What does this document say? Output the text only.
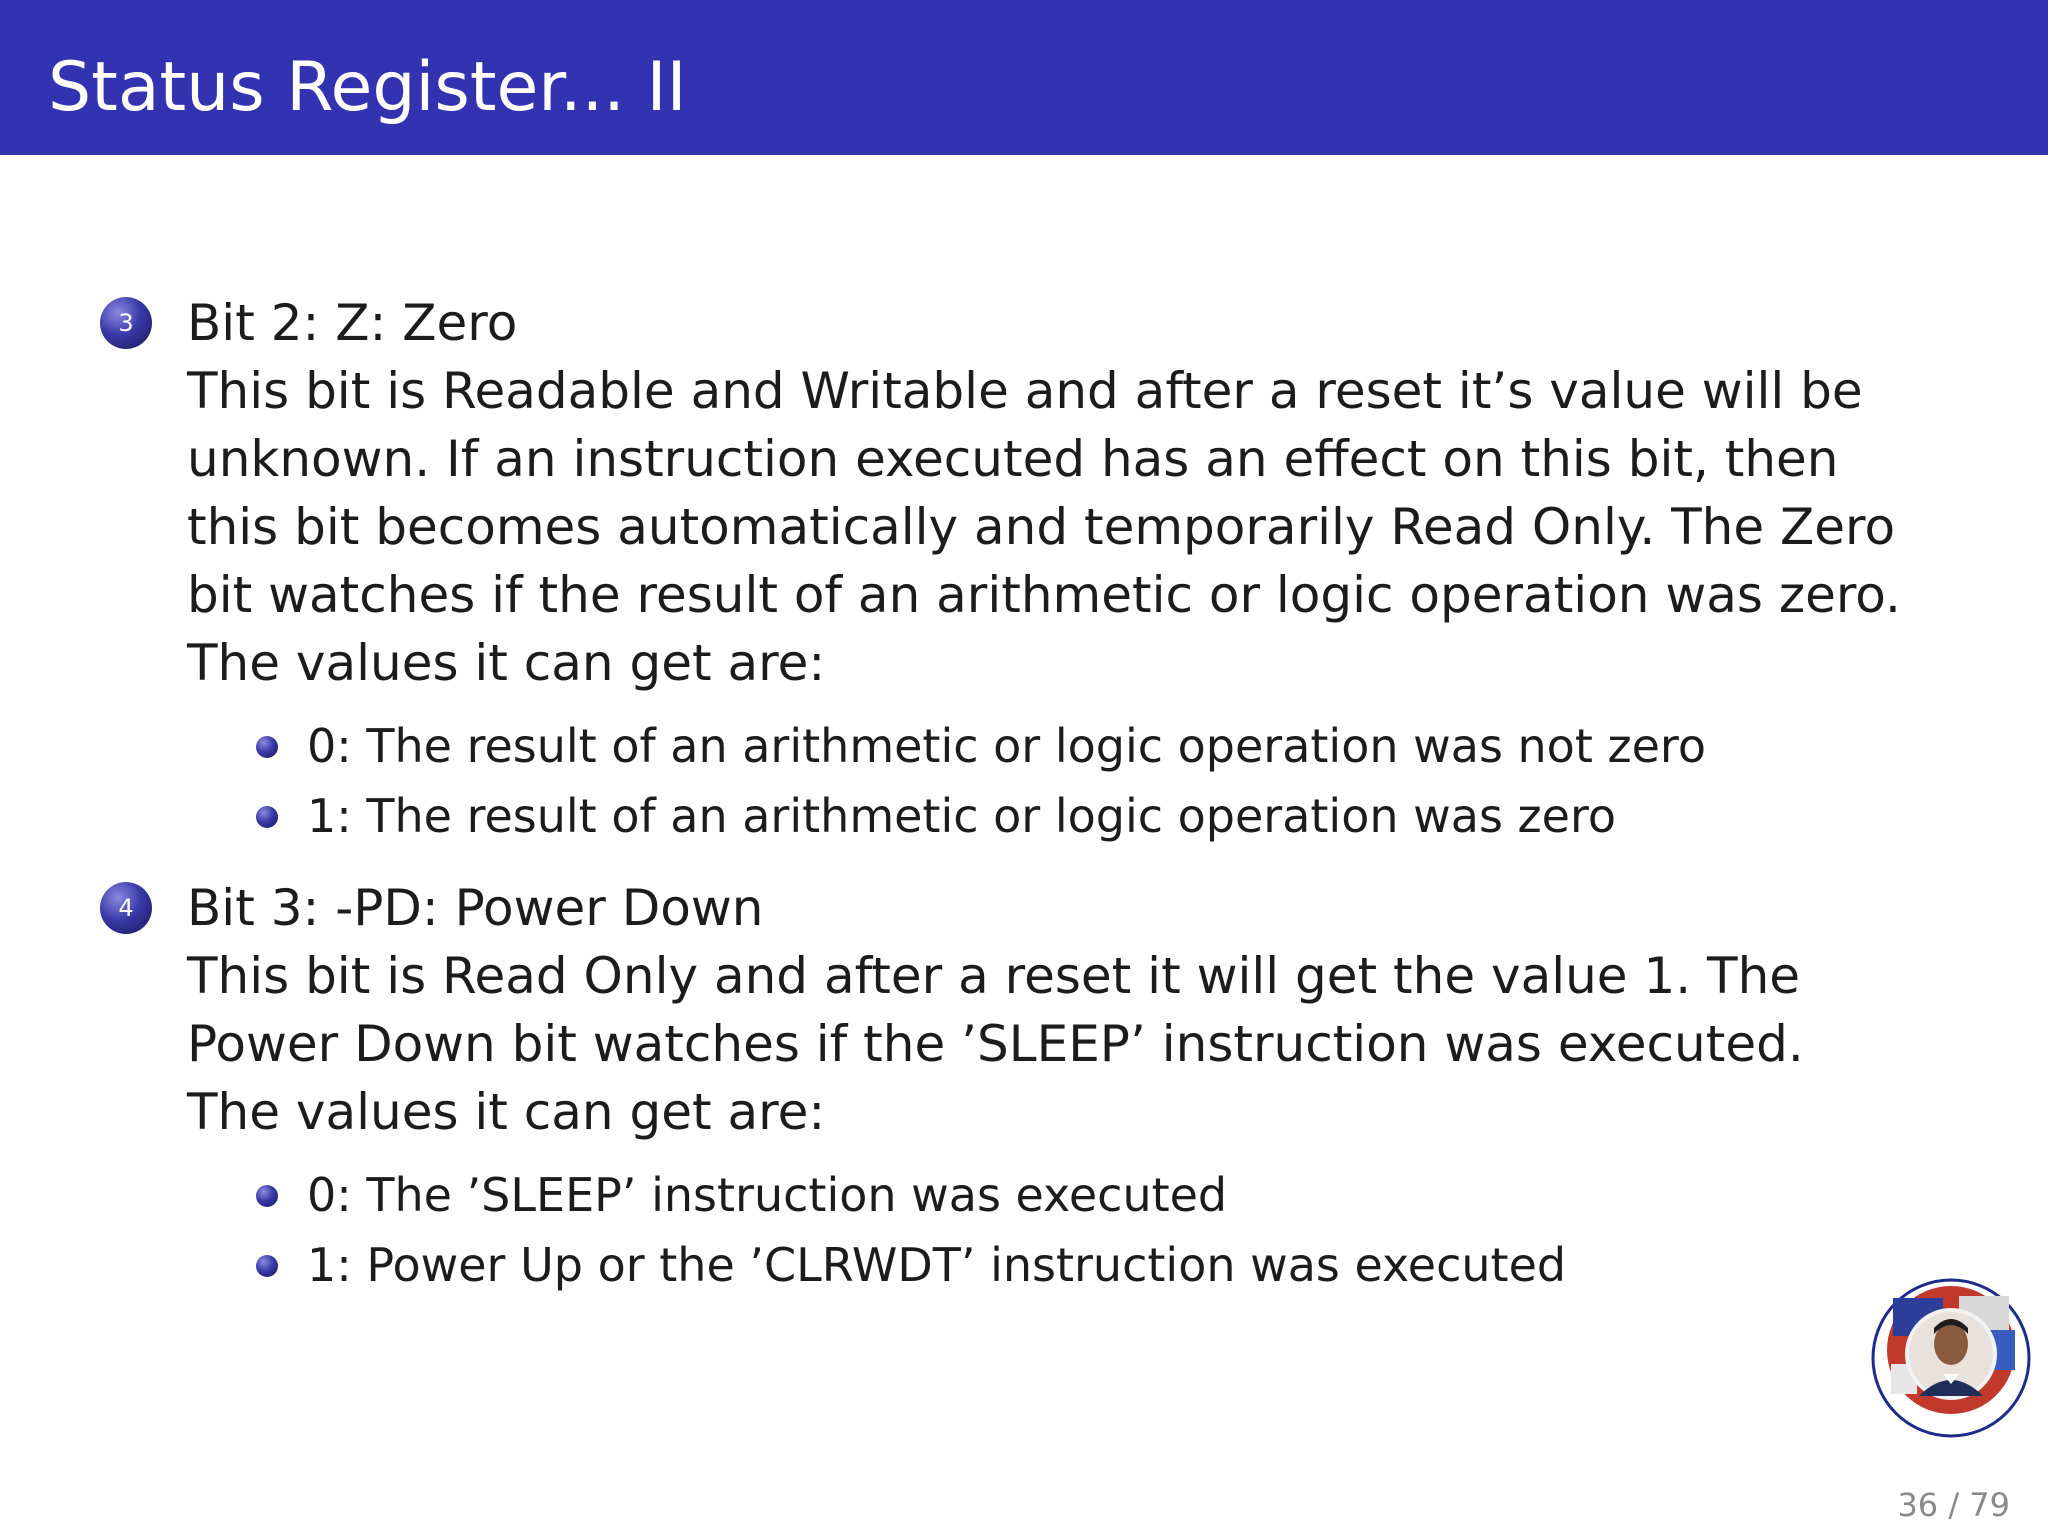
Status Register... II
3	Bit 2: Z: Zero
This bit is Readable and Writable and after a reset it’s value will be
unknown. If an instruction executed has an effect on this bit, then
this bit becomes automatically and temporarily Read Only. The Zero
bit watches if the result of an arithmetic or logic operation was zero.
The values it can get are:
0: The result of an arithmetic or logic operation was not zero
1: The result of an arithmetic or logic operation was zero
4	Bit 3: -PD: Power Down
This bit is Read Only and after a reset it will get the value 1. The
Power Down bit watches if the ’SLEEP’ instruction was executed.
The values it can get are:
0: The ’SLEEP’ instruction was executed
1: Power Up or the ’CLRWDT’ instruction was executed
36 / 79
